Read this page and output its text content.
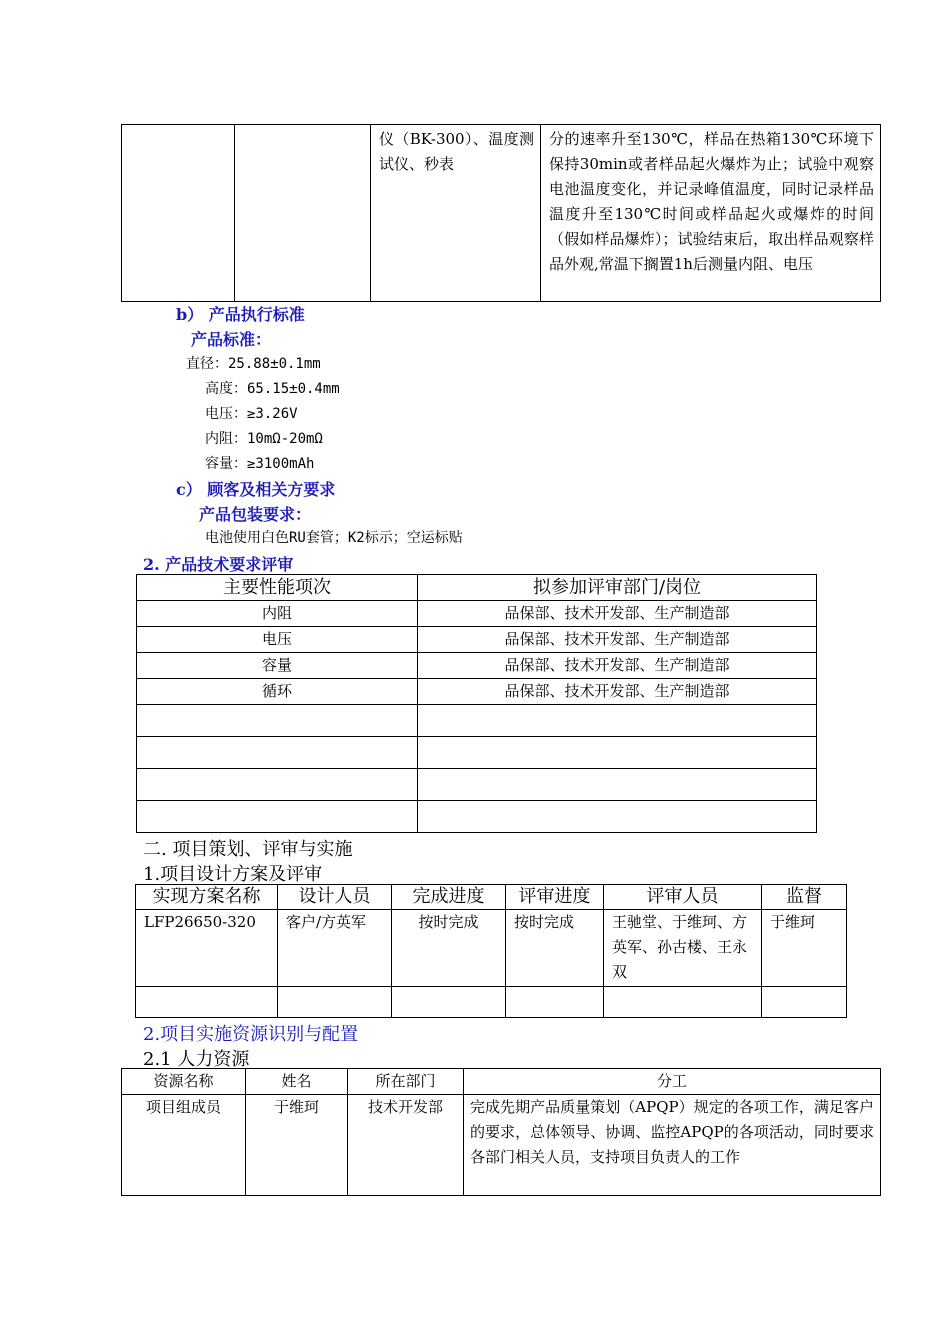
		仪（BK-300）、温度测试仪、秒表	分的速率升至130℃，样品在热箱130℃环境下保持30min或者样品起火爆炸为止；试验中观察电池温度变化，并记录峰值温度，同时记录样品温度升至130℃时间或样品起火或爆炸的时间（假如样品爆炸）；试验结束后，取出样品观察样品外观,常温下搁置1h后测量内阻、电压
b） 产品执行标准
产品标准：
直径：25.88±0.1mm
高度：65.15±0.4mm
电压：≥3.26V
内阻：10mΩ-20mΩ
容量：≥3100mAh
c） 顾客及相关方要求
产品包装要求：
电池使用白色RU套管；K2标示；空运标贴
2. 产品技术要求评审
主要性能项次	拟参加评审部门/岗位
内阻	品保部、技术开发部、生产制造部
电压	品保部、技术开发部、生产制造部
容量	品保部、技术开发部、生产制造部
循环	品保部、技术开发部、生产制造部

二. 项目策划、评审与实施
1.项目设计方案及评审
实现方案名称	设计人员	完成进度	评审进度	评审人员	监督
LFP26650-320	客户/方英军	按时完成	按时完成	王驰堂、于维珂、方英军、孙古楼、王永双	于维珂

2.项目实施资源识别与配置
2.1 人力资源
资源名称	姓名	所在部门	分工
项目组成员	于维珂	技术开发部	完成先期产品质量策划（APQP）规定的各项工作，满足客户的要求，总体领导、协调、监控APQP的各项活动，同时要求各部门相关人员，支持项目负责人的工作
